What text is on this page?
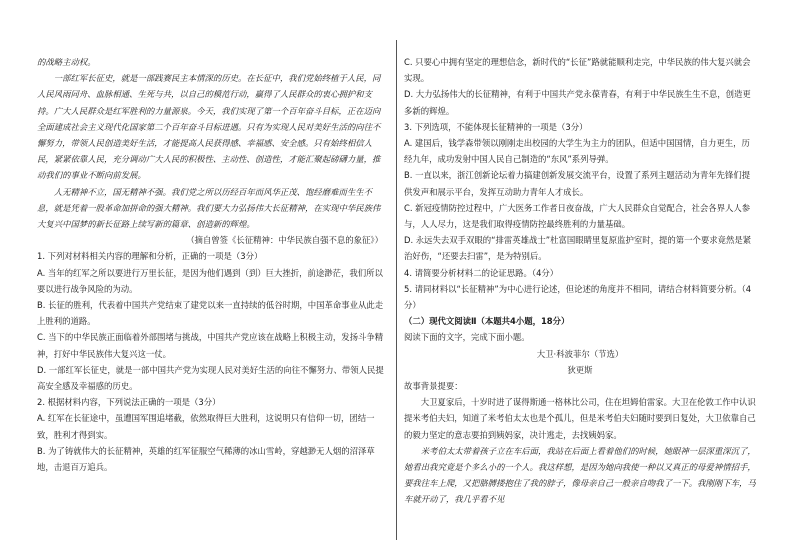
的战略主动权。

一部红军长征史，就是一部践赛民主本情深的历史。在长征中，我们党始终植于人民，同人民风雨同舟、血脉相通、生死与共，以自己的模范行动，赢得了人民群众的衷心拥护和支持。广大人民群众是红军胜利的力量源泉。今天，我们实现了第一个百年奋斗目标，正在迈向全面建成社会主义现代化国家第二个百年奋斗目标进遇。只有为实现人民对美好生活的向往不懈努力，带领人民创造美好生活，才能提高人民获得感、幸福感、安全感。只有始终相信人民，紧紧依靠人民，充分调动广大人民的积极性、主动性、创造性，才能汇聚起磅礴力量，推动我们的事业不断向前发展。

人无精神不立，国无精神不强。我们党之所以历经百年而风华正茂、饱经磨难而生生不息，就是凭着一股革命加拼命的强大精神。我们要大力弘扬伟大长征精神，在实现中华民族伟大复兴中国梦的新长征路上续写新的篇章、创造新的辉煌。

（摘自曾签《长征精神：中华民族自强不息的象征》）

1. 下列对材料相关内容的理解和分析，正确的一项是（3分）

A. 当年的红军之所以要进行万里长征，是因为他们遇到（到）巨大挫折，前途渺茫，我们所以要以进行战争风险的为动。

B. 长征的胜利，代表着中国共产党结束了建党以来一直持续的低谷时期，中国革命事业从此走上胜利的道路。

C. 当下的中华民族正面临着外部围堵与挑战，中国共产党应该在战略上积极主动，发扬斗争精神，打好中华民族伟大复兴这一仗。

D. 一部红军长征史，就是一部中国共产党为实现人民对美好生活的向往不懈努力、带领人民提高安全感及幸福感的历史。

2. 根据材料内容，下列说法正确的一项是（3分）

A. 红军在长征途中，虽遭国军围追堵截，依然取得巨大胜利，这说明只有信仰一切，团结一致，胜利才得到实。

B. 为了铸就伟大的长征精神，英雄的红军征服空气稀薄的冰山雪岭，穿越渺无人烟的沼泽草地，击退百万追兵。

C. 只要心中拥有坚定的理想信念，新时代的“长征”路就能顺利走完，中华民族的伟大复兴就会实现。

D. 大力弘扬伟大的长征精神，有利于中国共产党永葆青春，有利于中华民族生生不息，创造更多新的辉煌。

3. 下列选项，不能体现长征精神的一项是（3分）

A. 建国后，钱学森带领以刚刚走出校园的大学生为主力的团队，但适中国国情，自力更生，历经九年，成功发射中国人民自己制造的“东风”系列导弹。

B. 一直以来，浙江创新论坛着力搞建创新发展交流平台，设置了系列主题活动为青年先锋们提供发声和展示平台，发挥互动助力青年人才成长。

C. 新冠疫情防控过程中，广大医务工作者日夜奋战，广大人民群众自觉配合，社会各界人人参与，人人尽力，这是我们取得疫情防控最终胜利的力量基础。

D. 永远失去双手双眼的“排雷英雄战士”杜富国眼睛里复原监护室时，提的第一个要求竟然是紧治好伤，“还要去扫雷”，是为特别后。

4. 请简要分析材料二的论证思路。（4分）

5. 请同材料以“长征精神”为中心进行论述，但论述的角度并不相同，请结合材料简要分析。（4分）

（二）现代文阅读Ⅱ（本题共4小题，18分）

阅读下面的文字，完成下面小题。

大卫·科波菲尔（节选）

狄更斯

故事背景提要：

大卫夏家后，十岁时进了谋得斯通一格林比公司，住在坦姆伯雷家。大卫在伦敦工作中认识提米考伯夫妇，知道了米考伯太太也是个孤儿，但是米考伯夫妇随时要到日复处，大卫依靠自己的毅力坚定的意志要拍到姨妈家，决计逃走，去找姨妈家。

米考伯太太带着孩子立在车后面，我站在后面上看着他们的时候，她眼神一层深重深沉了，她看出我究竟是个多么小的一个人。我这样想，是因为她向我使一种以又真正的母爱神情招手，要我往车上爬，又把胳膊搂抱住了我的脖子，像母亲自己一般亲自吻我了一下。我刚刚下车，马车就开动了，我几乎看不见
